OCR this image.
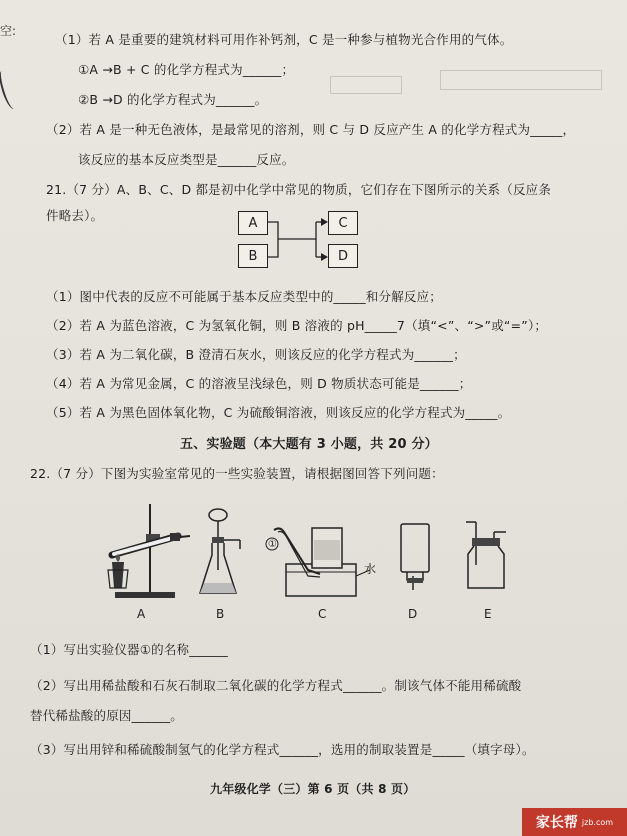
空:
（1）若 A 是重要的建筑材料可用作补钙剂，C 是一种参与植物光合作用的气体。
①A →B + C 的化学方程式为______；
②B →D 的化学方程式为______。
（2）若 A 是一种无色液体，是最常见的溶剂，则 C 与 D 反应产生 A 的化学方程式为_____，
该反应的基本反应类型是______反应。
21.（7 分）A、B、C、D 都是初中化学中常见的物质，它们存在下图所示的关系（反应条
件略去）。	A
B
C
D
（1）图中代表的反应不可能属于基本反应类型中的_____和分解反应；
（2）若 A 为蓝色溶液，C 为氢氧化铜，则 B 溶液的 pH_____7（填“<”、“>”或“=”）；
（3）若 A 为二氧化碳，B 澄清石灰水，则该反应的化学方程式为______；
（4）若 A 为常见金属，C 的溶液呈浅绿色，则 D 物质状态可能是______；
（5）若 A 为黑色固体氧化物，C 为硫酸铜溶液，则该反应的化学方程式为_____。
五、实验题（本大题有 3 小题，共 20 分）
22.（7 分）下图为实验室常见的一些实验装置，请根据图回答下列问题：
①
水
A	B	C	D	E
（1）写出实验仪器①的名称______
（2）写出用稀盐酸和石灰石制取二氧化碳的化学方程式______。制该气体不能用稀硫酸
替代稀盐酸的原因______。
（3）写出用锌和稀硫酸制氢气的化学方程式______，选用的制取装置是_____（填字母）。
九年级化学（三）第 6 页（共 8 页）
家长帮 jzb.com
